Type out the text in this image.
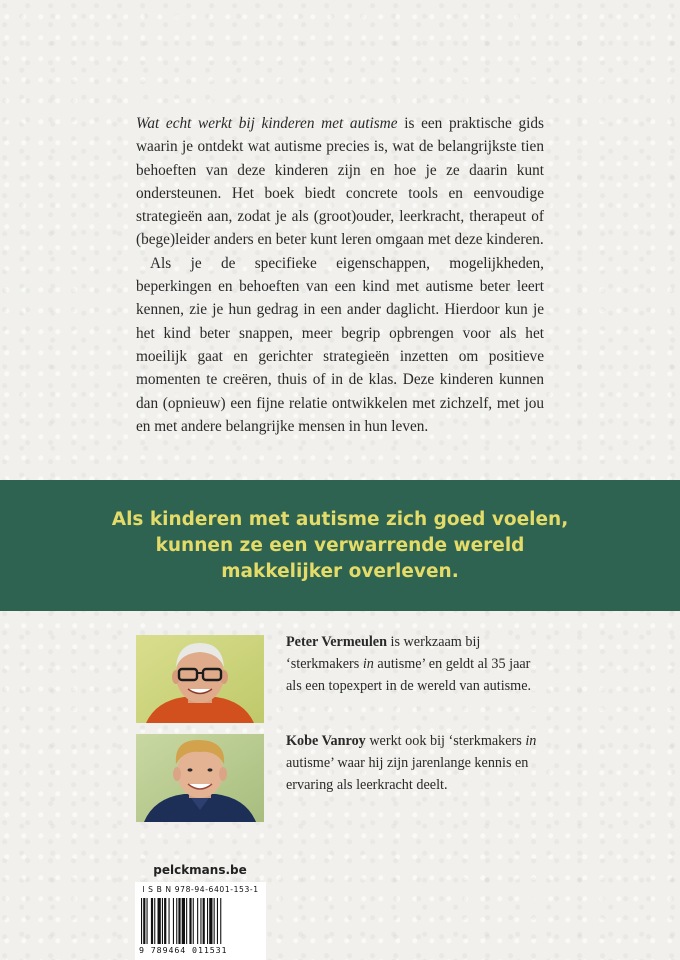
Wat echt werkt bij kinderen met autisme is een praktische gids waarin je ontdekt wat autisme precies is, wat de belangrijkste tien behoeften van deze kinderen zijn en hoe je ze daarin kunt ondersteunen. Het boek biedt concrete tools en eenvoudige strategieën aan, zodat je als (groot)ouder, leerkracht, therapeut of (bege)leider anders en beter kunt leren omgaan met deze kinderen.

Als je de specifieke eigenschappen, mogelijkheden, beperkingen en behoeften van een kind met autisme beter leert kennen, zie je hun gedrag in een ander daglicht. Hierdoor kun je het kind beter snappen, meer begrip opbrengen voor als het moeilijk gaat en gerichter strategieën inzetten om positieve momenten te creëren, thuis of in de klas. Deze kinderen kunnen dan (opnieuw) een fijne relatie ontwikkelen met zichzelf, met jou en met andere belangrijke mensen in hun leven.

Als kinderen met autisme zich goed voelen,
kunnen ze een verwarrende wereld
makkelijker overleven.
Peter Vermeulen is werkzaam bij ‘sterkmakers in autisme’ en geldt al 35 jaar als een topexpert in de wereld van autisme.
Kobe Vanroy werkt ook bij ‘sterkmakers in autisme’ waar hij zijn jarenlange kennis en ervaring als leerkracht deelt.
pelckmans.be
I S B N 978-94-6401-153-1
9 789464 011531
